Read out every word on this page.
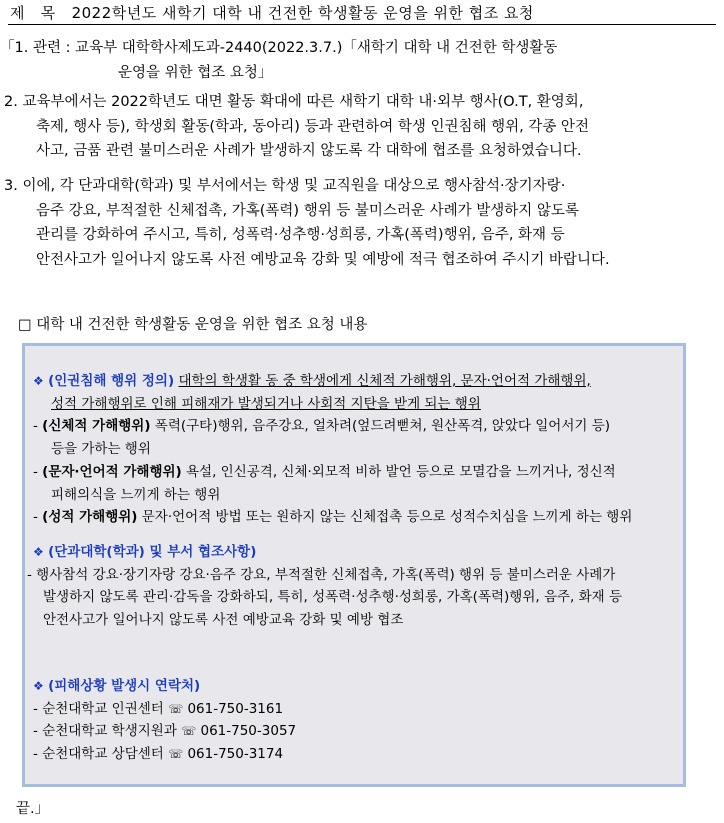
제   목   2022학년도 새학기 대학 내 건전한 학생활동 운영을 위한 협조 요청
「1. 관련 : 교육부 대학학사제도과-2440(2022.3.7.)「새학기 대학 내 건전한 학생활동
운영을 위한 협조 요청」
2. 교육부에서는 2022학년도 대면 활동 확대에 따른 새학기 대학 내·외부 행사(O.T, 환영회,
축제, 행사 등), 학생회 활동(학과, 동아리) 등과 관련하여 학생 인권침해 행위, 각종 안전
사고, 금품 관련 불미스러운 사례가 발생하지 않도록 각 대학에 협조를 요청하였습니다.
3. 이에, 각 단과대학(학과) 및 부서에서는 학생 및 교직원을 대상으로 행사참석·장기자랑·
음주 강요, 부적절한 신체접촉, 가혹(폭력) 행위 등 불미스러운 사례가 발생하지 않도록
관리를 강화하여 주시고, 특히, 성폭력·성추행·성희롱, 가혹(폭력)행위, 음주, 화재 등
안전사고가 일어나지 않도록 사전 예방교육 강화 및 예방에 적극 협조하여 주시기 바랍니다.
□ 대학 내 건전한 학생활동 운영을 위한 협조 요청 내용
❖ (인권침해 행위 정의) 대학의 학생활 동 중 학생에게 신체적 가해행위, 문자·언어적 가해행위,
성적 가해행위로 인해 피해재가 발생되거나 사회적 지탄을 받게 되는 행위
- (신체적 가해행위) 폭력(구타)행위, 음주강요, 얼차려(엎드려뻗쳐, 원산폭격, 앉았다 일어서기 등)
등을 가하는 행위
- (문자·언어적 가해행위) 욕설, 인신공격, 신체·외모적 비하 발언 등으로 모멸감을 느끼거나, 정신적
피해의식을 느끼게 하는 행위
- (성적 가해행위) 문자·언어적 방법 또는 원하지 않는 신체접촉 등으로 성적수치심을 느끼게 하는 행위
❖ (단과대학(학과) 및 부서 협조사항)
- 행사참석 강요·장기자랑 강요·음주 강요, 부적절한 신체접촉, 가혹(폭력) 행위 등 불미스러운 사례가
발생하지 않도록 관리·감독을 강화하되, 특히, 성폭력·성추행·성희롱, 가혹(폭력)행위, 음주, 화재 등
안전사고가 일어나지 않도록 사전 예방교육 강화 및 예방 협조
❖ (피해상황 발생시 연락처)
- 순천대학교 인권센터 ☏ 061-750-3161
- 순천대학교 학생지원과 ☏ 061-750-3057
- 순천대학교 상담센터 ☏ 061-750-3174
끝.」
